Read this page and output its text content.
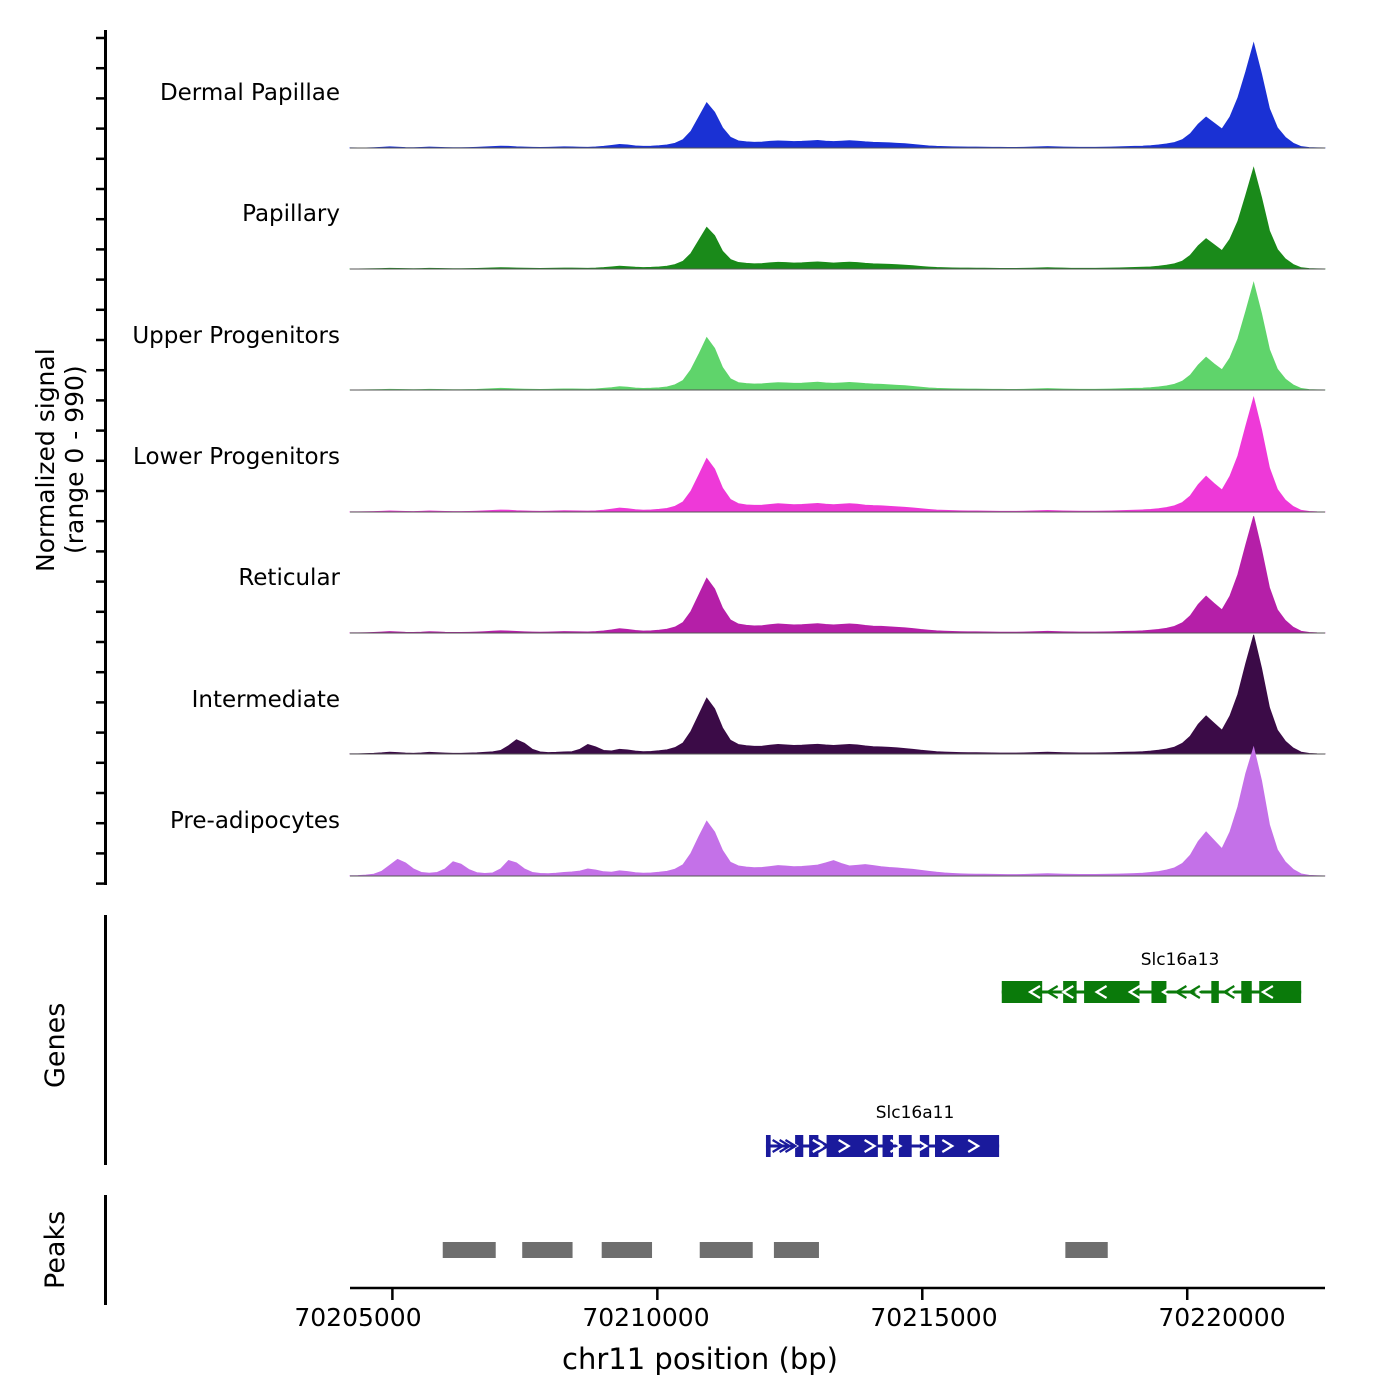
Normalized signal
(range 0 - 990)
Genes
Peaks
Dermal Papillae
Papillary
Upper Progenitors
Lower Progenitors
Reticular
Intermediate
Pre-adipocytes
Slc16a13
Slc16a11
70205000	70210000	70215000	70220000
chr11 position (bp)
